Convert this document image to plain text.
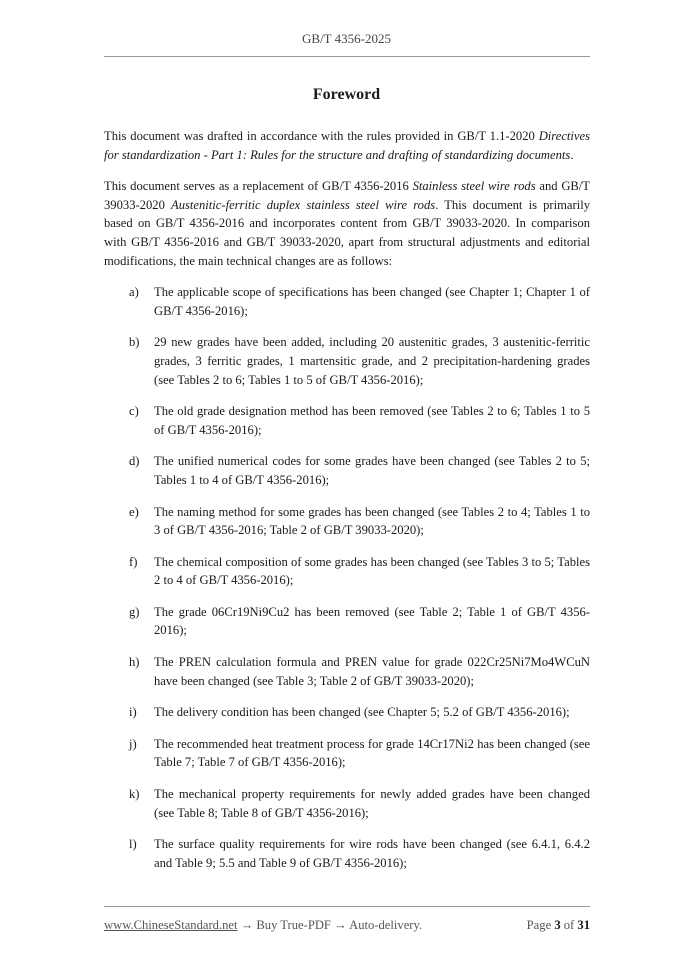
GB/T 4356-2025
Foreword

This document was drafted in accordance with the rules provided in GB/T 1.1-2020 Directives for standardization - Part 1: Rules for the structure and drafting of standardizing documents.

This document serves as a replacement of GB/T 4356-2016 Stainless steel wire rods and GB/T 39033-2020 Austenitic-ferritic duplex stainless steel wire rods. This document is primarily based on GB/T 4356-2016 and incorporates content from GB/T 39033-2020. In comparison with GB/T 4356-2016 and GB/T 39033-2020, apart from structural adjustments and editorial modifications, the main technical changes are as follows:

a)	The applicable scope of specifications has been changed (see Chapter 1; Chapter 1 of GB/T 4356-2016);
b)	29 new grades have been added, including 20 austenitic grades, 3 austenitic-ferritic grades, 3 ferritic grades, 1 martensitic grade, and 2 precipitation-hardening grades (see Tables 2 to 6; Tables 1 to 5 of GB/T 4356-2016);
c)	The old grade designation method has been removed (see Tables 2 to 6; Tables 1 to 5 of GB/T 4356-2016);
d)	The unified numerical codes for some grades have been changed (see Tables 2 to 5; Tables 1 to 4 of GB/T 4356-2016);
e)	The naming method for some grades has been changed (see Tables 2 to 4; Tables 1 to 3 of GB/T 4356-2016; Table 2 of GB/T 39033-2020);
f)	The chemical composition of some grades has been changed (see Tables 3 to 5; Tables 2 to 4 of GB/T 4356-2016);
g)	The grade 06Cr19Ni9Cu2 has been removed (see Table 2; Table 1 of GB/T 4356-2016);
h)	The PREN calculation formula and PREN value for grade 022Cr25Ni7Mo4WCuN have been changed (see Table 3; Table 2 of GB/T 39033-2020);
i)	The delivery condition has been changed (see Chapter 5; 5.2 of GB/T 4356-2016);
j)	The recommended heat treatment process for grade 14Cr17Ni2 has been changed (see Table 7; Table 7 of GB/T 4356-2016);
k)	The mechanical property requirements for newly added grades have been changed (see Table 8; Table 8 of GB/T 4356-2016);
l)	The surface quality requirements for wire rods have been changed (see 6.4.1, 6.4.2 and Table 9; 5.5 and Table 9 of GB/T 4356-2016);
www.ChineseStandard.net → Buy True-PDF → Auto-delivery.	Page 3 of 31
